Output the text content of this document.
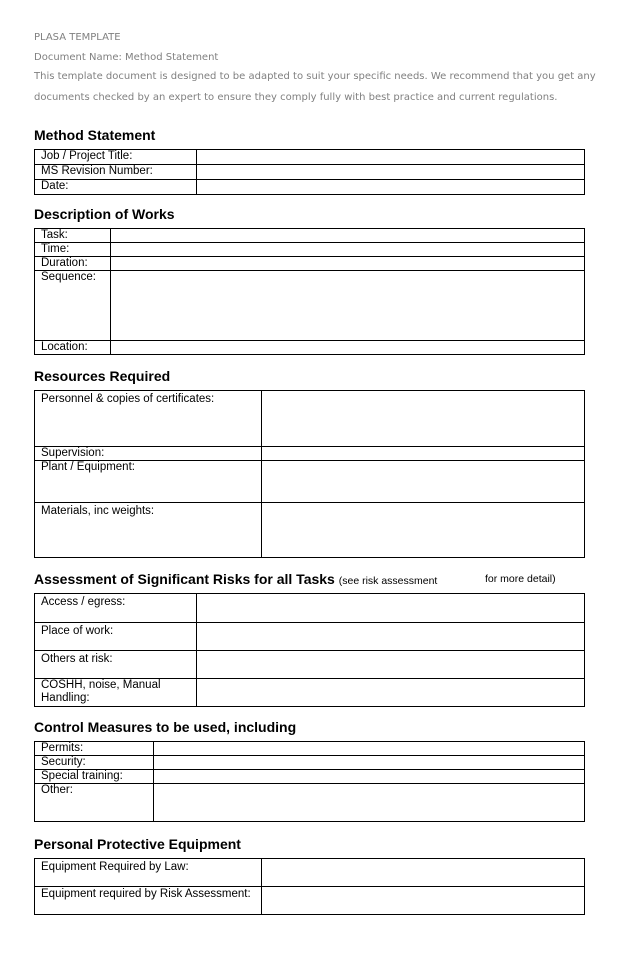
PLASA TEMPLATE
Document Name: Method Statement
This template document is designed to be adapted to suit your specific needs. We recommend that you get any
documents checked by an expert to ensure they comply fully with best practice and current regulations.
Method Statement
Job / Project Title:	
MS Revision Number:	
Date:	
Description of Works
Task:	
Time:	
Duration:	
Sequence:	
Location:	
Resources Required
Personnel & copies of certificates:	
Supervision:	
Plant / Equipment:	
Materials, inc weights:	
Assessment of Significant Risks for all Tasks (see risk assessment	for more detail)
Access / egress:	
Place of work:	
Others at risk:	
COSHH, noise, Manual Handling:	
Control Measures to be used, including
Permits:	
Security:	
Special training:	
Other:	
Personal Protective Equipment
Equipment Required by Law:	
Equipment required by Risk Assessment:	
